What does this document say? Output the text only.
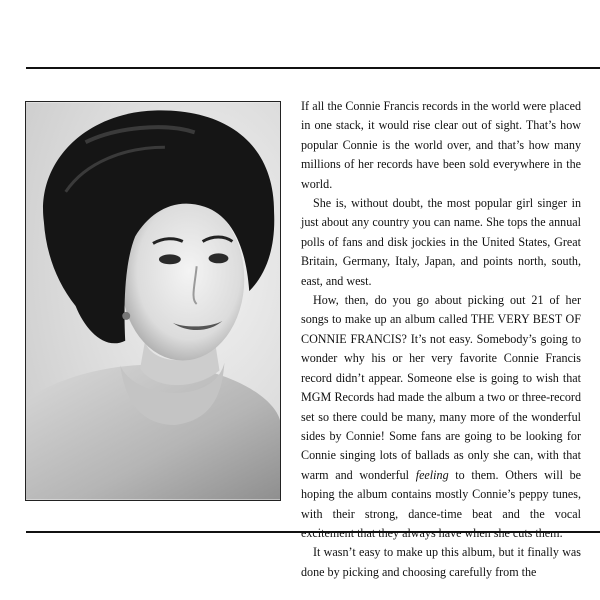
If all the Connie Francis records in the world were placed in one stack, it would rise clear out of sight. That’s how popular Connie is the world over, and that’s how many millions of her records have been sold everywhere in the world.

She is, without doubt, the most popular girl singer in just about any country you can name. She tops the annual polls of fans and disk jockies in the United States, Great Britain, Germany, Italy, Japan, and points north, south, east, and west.

How, then, do you go about picking out 21 of her songs to make up an album called THE VERY BEST OF CONNIE FRANCIS? It’s not easy. Somebody’s going to wonder why his or her very favorite Connie Francis record didn’t appear. Someone else is going to wish that MGM Records had made the album a two or three-record set so there could be many, many more of the wonderful sides by Connie! Some fans are going to be looking for Connie singing lots of ballads as only she can, with that warm and wonderful feeling to them. Others will be hoping the album contains mostly Connie’s peppy tunes, with their strong, dance-time beat and the vocal

It wasn’t easy to make up this album, but it finally was done by picking and choosing carefully from the
